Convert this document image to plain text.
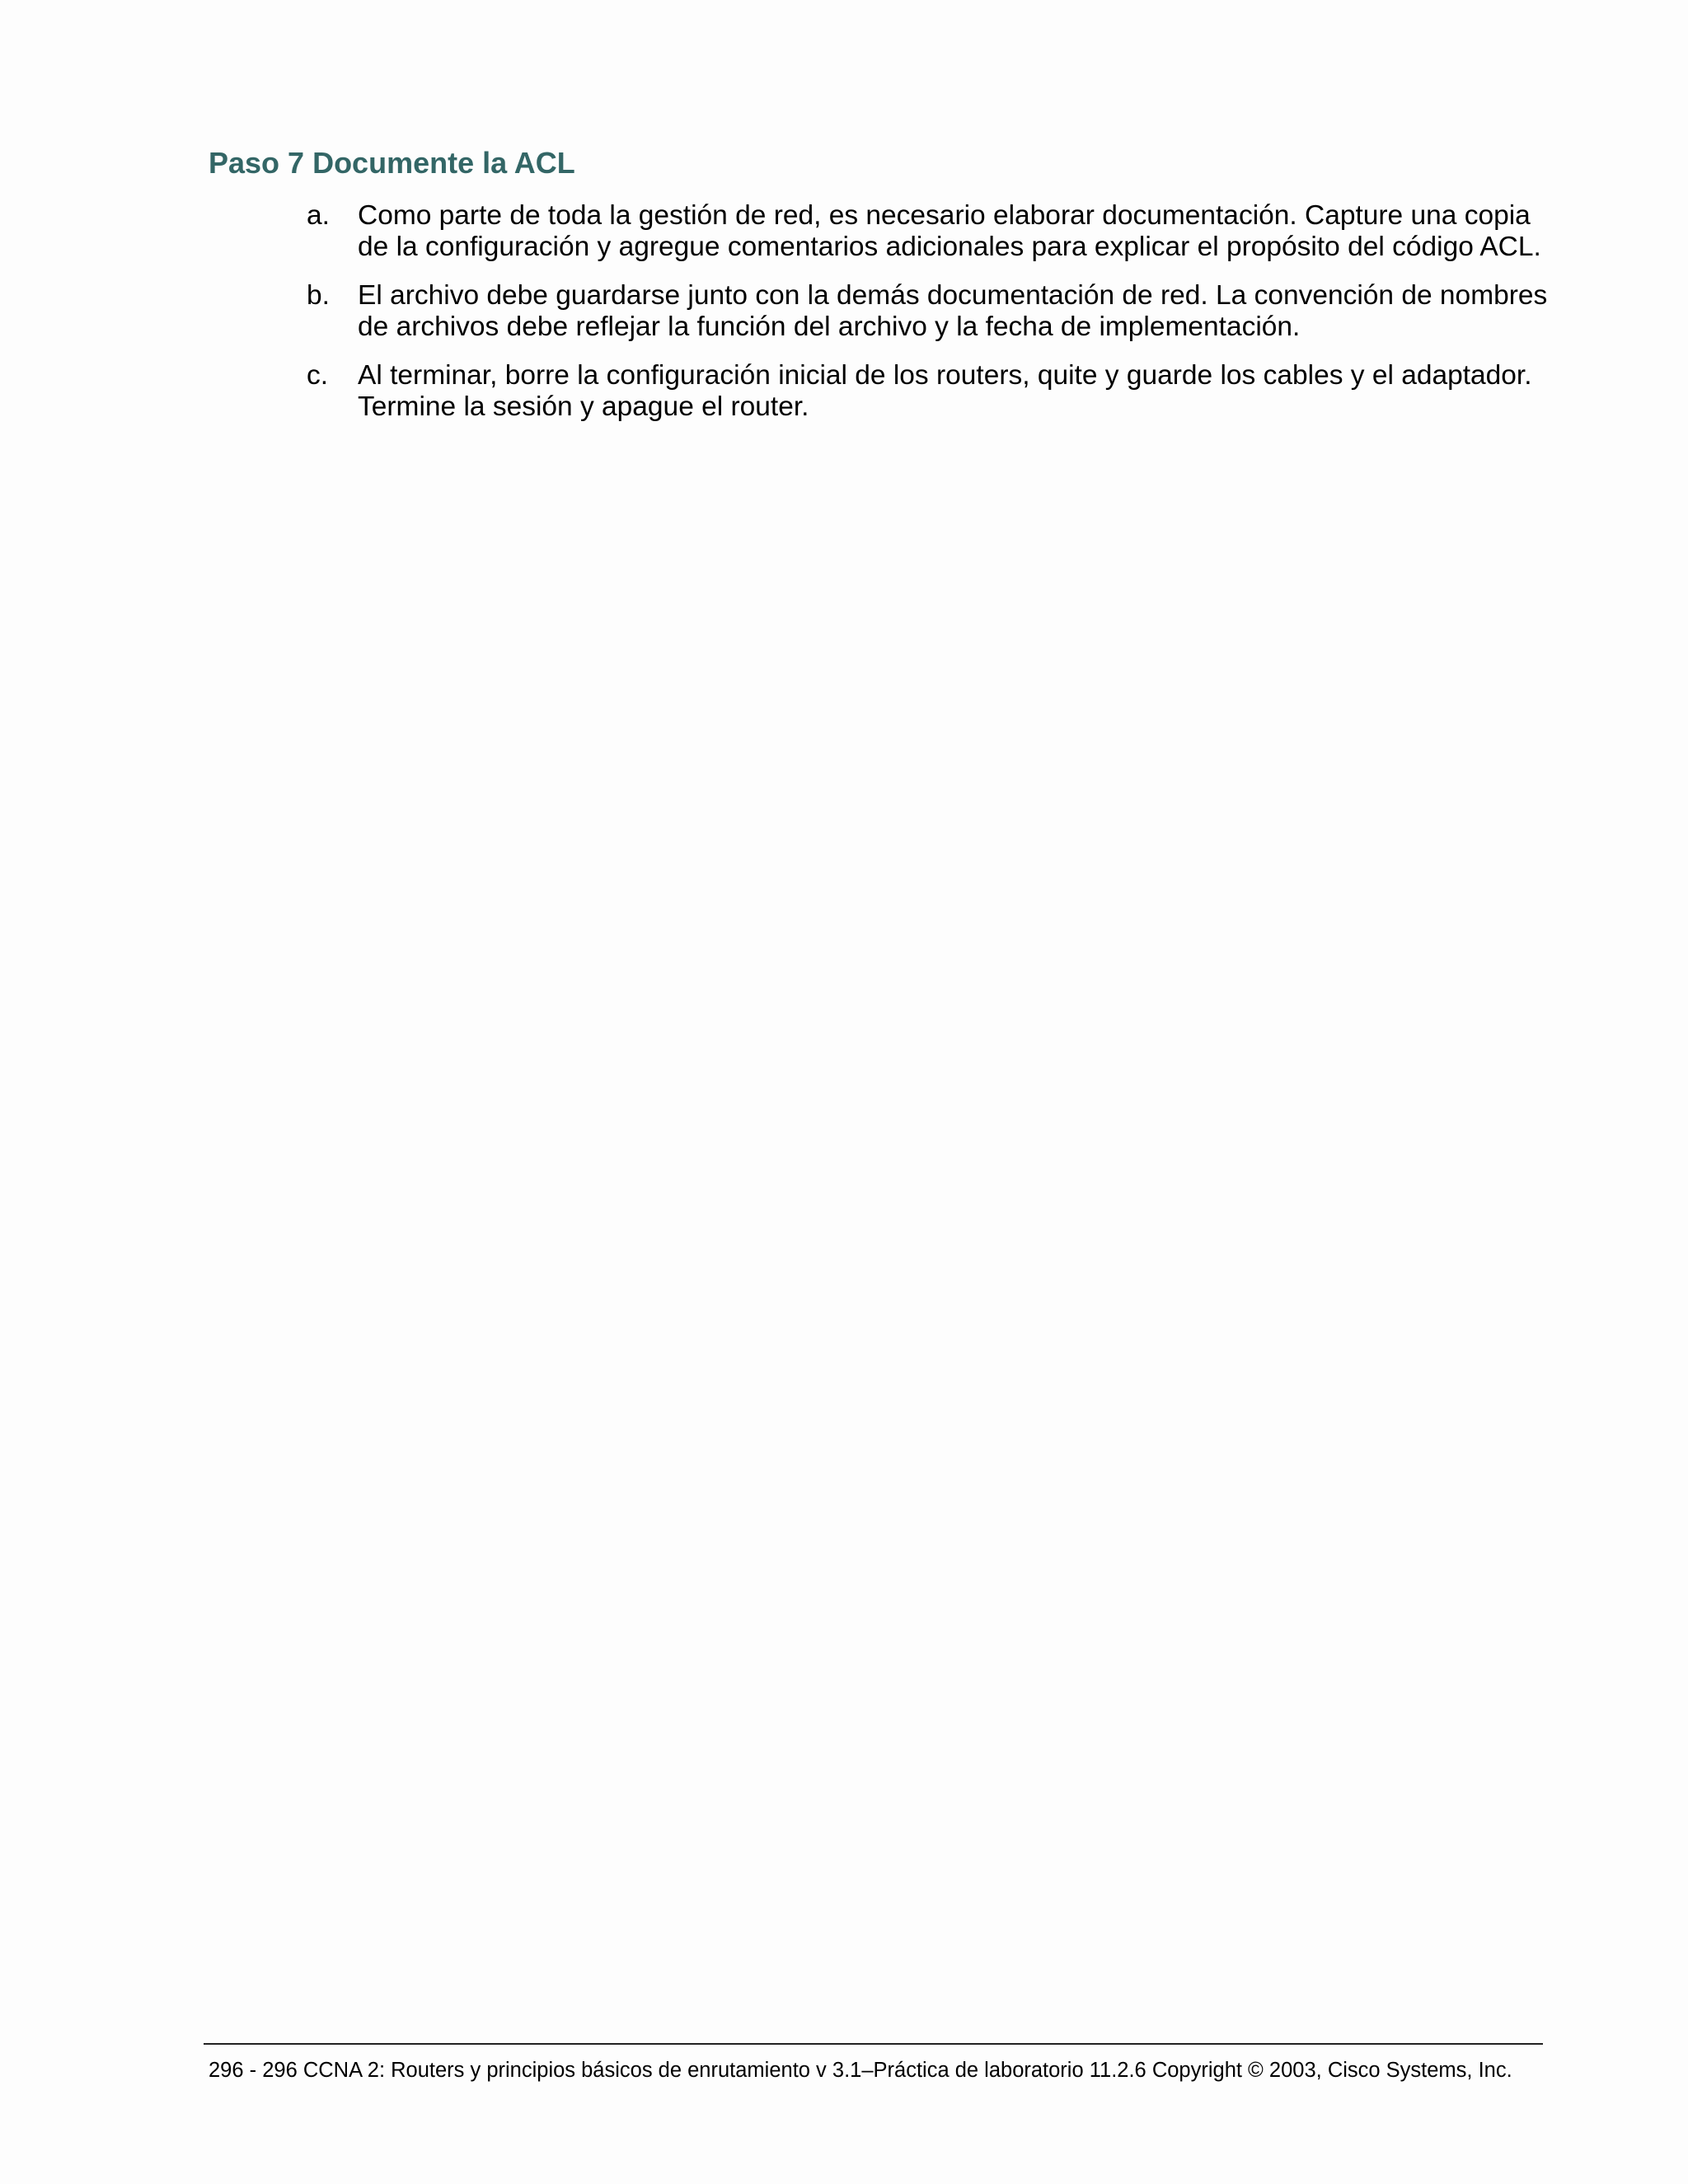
Paso 7 Documente la ACL
a.	Como parte de toda la gestión de red, es necesario elaborar documentación. Capture una copia de la configuración y agregue comentarios adicionales para explicar el propósito del código ACL.
b.	El archivo debe guardarse junto con la demás documentación de red. La convención de nombres de archivos debe reflejar la función del archivo y la fecha de implementación.
c.	Al terminar, borre la configuración inicial de los routers, quite y guarde los cables y el adaptador. Termine la sesión y apague el router.

296 - 296 CCNA 2: Routers y principios básicos de enrutamiento v 3.1–Práctica de laboratorio 11.2.6 Copyright © 2003, Cisco Systems, Inc.
